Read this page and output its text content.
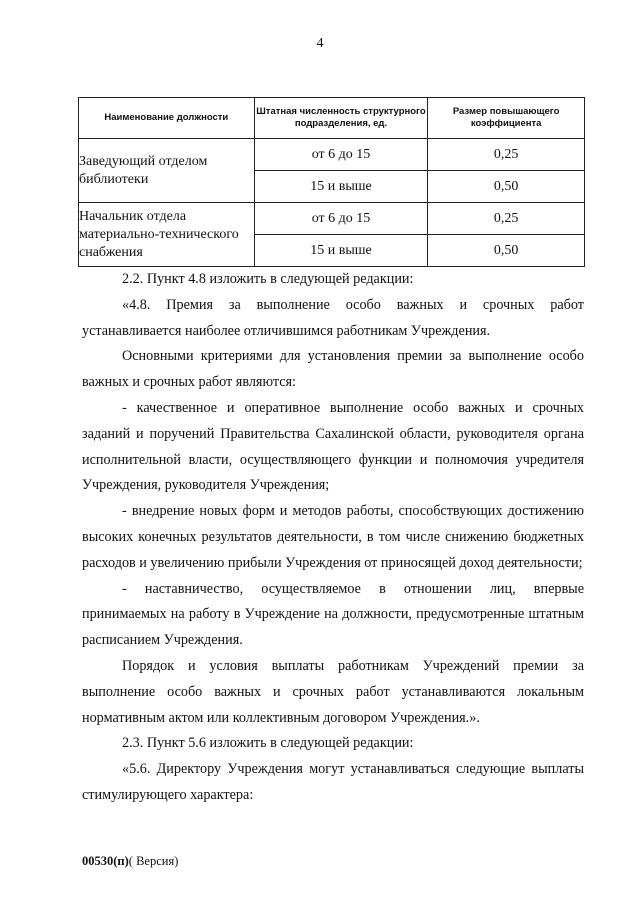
4
Наименование должности	Штатная численность структурного подразделения, ед.	Размер повышающего коэффициента
Заведующий отделом библиотеки	от 6 до 15	0,25
	15 и выше	0,50
Начальник отдела материально-технического снабжения	от 6 до 15	0,25
	15 и выше	0,50

2.2. Пункт 4.8 изложить в следующей редакции:

«4.8. Премия за выполнение особо важных и срочных работ устанавливается наиболее отличившимся работникам Учреждения.

Основными критериями для установления премии за выполнение особо важных и срочных работ являются:

- качественное и оперативное выполнение особо важных и срочных заданий и поручений Правительства Сахалинской области, руководителя органа исполнительной власти, осуществляющего функции и полномочия учредителя Учреждения, руководителя Учреждения;

- внедрение новых форм и методов работы, способствующих достижению высоких конечных результатов деятельности, в том числе снижению бюджетных расходов и увеличению прибыли Учреждения от приносящей доход деятельности;

- наставничество, осуществляемое в отношении лиц, впервые принимаемых на работу в Учреждение на должности, предусмотренные штатным расписанием Учреждения.

Порядок и условия выплаты работникам Учреждений премии за выполнение особо важных и срочных работ устанавливаются локальным нормативным актом или коллективным договором Учреждения.».

2.3. Пункт 5.6 изложить в следующей редакции:

«5.6. Директору Учреждения могут устанавливаться следующие выплаты стимулирующего характера:

00530(п)( Версия)
